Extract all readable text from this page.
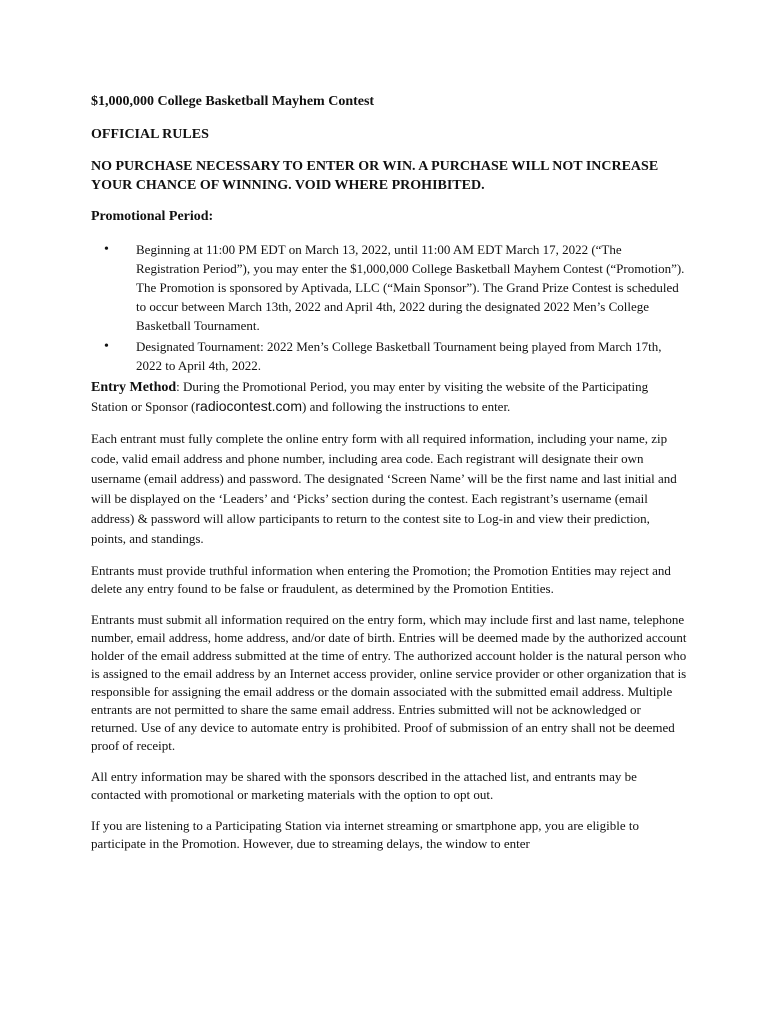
$1,000,000 College Basketball Mayhem Contest
OFFICIAL RULES
NO PURCHASE NECESSARY TO ENTER OR WIN. A PURCHASE WILL NOT INCREASE YOUR CHANCE OF WINNING. VOID WHERE PROHIBITED.
Promotional Period:
• Beginning at 11:00 PM EDT on March 13, 2022, until 11:00 AM EDT March 17, 2022 (“The Registration Period”), you may enter the $1,000,000 College Basketball Mayhem Contest (“Promotion”). The Promotion is sponsored by Aptivada, LLC (“Main Sponsor”). The Grand Prize Contest is scheduled to occur between March 13th, 2022 and April 4th, 2022 during the designated 2022 Men’s College Basketball Tournament.
• Designated Tournament: 2022 Men’s College Basketball Tournament being played from March 17th, 2022 to April 4th, 2022.
Entry Method: During the Promotional Period, you may enter by visiting the website of the Participating Station or Sponsor (radiocontest.com) and following the instructions to enter.
Each entrant must fully complete the online entry form with all required information, including your name, zip code, valid email address and phone number, including area code. Each registrant will designate their own username (email address) and password. The designated ‘Screen Name’ will be the first name and last initial and will be displayed on the ‘Leaders’ and ‘Picks’ section during the contest. Each registrant’s username (email address) & password will allow participants to return to the contest site to Log-in and view their prediction, points, and standings.
Entrants must provide truthful information when entering the Promotion; the Promotion Entities may reject and delete any entry found to be false or fraudulent, as determined by the Promotion Entities.
Entrants must submit all information required on the entry form, which may include first and last name, telephone number, email address, home address, and/or date of birth. Entries will be deemed made by the authorized account holder of the email address submitted at the time of entry. The authorized account holder is the natural person who is assigned to the email address by an Internet access provider, online service provider or other organization that is responsible for assigning the email address or the domain associated with the submitted email address. Multiple entrants are not permitted to share the same email address. Entries submitted will not be acknowledged or returned. Use of any device to automate entry is prohibited. Proof of submission of an entry shall not be deemed proof of receipt.
All entry information may be shared with the sponsors described in the attached list, and entrants may be contacted with promotional or marketing materials with the option to opt out.
If you are listening to a Participating Station via internet streaming or smartphone app, you are eligible to participate in the Promotion. However, due to streaming delays, the window to enter
